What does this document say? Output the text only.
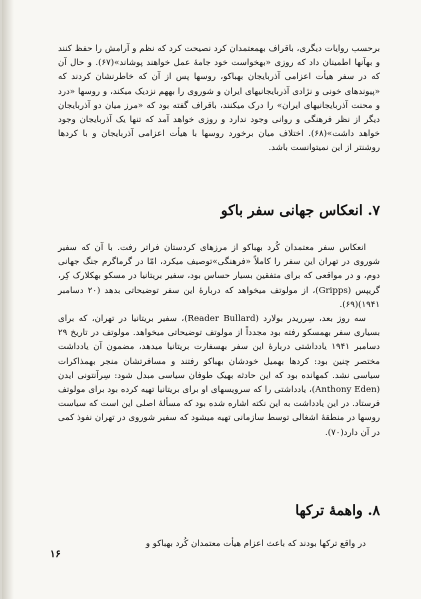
برحسب روایات دیگری، باقراف بهمعتمدان کرد نصیحت کرد که نظم و آرامش را حفظ کنند و بهآنها اطمینان داد که روزی «بهخواست خود جامهٔ عمل خواهند پوشاند»(۶۷). و حال آن که در سفر هیأت اعزامی آذربایجان بهباکو، روسها پس از آن که خاطرنشان کردند که «پیوندهای خونی و نژادی آذربایجانیهای ایران و شوروی را بههم نزدیک میکند، و روسها «درد و محنت آذربایجانیهای ایران» را درک میکنند، باقراف گفته بود که «مرز میان دو آذربایجان دیگر از نظر فرهنگی و روانی وجود ندارد و روزی خواهد آمد که تنها یک آذربایجان وجود خواهد داشت»(۶۸). اختلاف میان برخورد روسها با هیأت اعزامی آذربایجان و با کردها روشنتر از این نمیتوانست باشد.

۷. انعکاس جهانی سفر باکو

انعکاس سفر معتمدان کُرد بهباکو از مرزهای کردستان فراتر رفت. با آن که سفیر شوروی در تهران این سفر را کاملاً «فرهنگی»توصیف میکرد، امّا در گرماگرم جنگ جهانی دوم، و در مواقعی که برای متفقین بسیار حساس بود، سفیر بریتانیا در مسکو بهکلارک کِر، گریپس (Gripps)، از مولوتف میخواهد که دربارهٔ این سفر توضیحاتی بدهد (۲۰ دسامبر ۱۹۴۱)(۶۹).

سه روز بعد، سِرریدر بولارد (Reader Bullard)، سفیر بریتانیا در تهران، که برای بسیاری سفر بهمسکو رفته بود مجدداً از مولوتف توضیحاتی میخواهد. مولوتف در تاریخ ۲۹ دسامبر ۱۹۴۱ یادداشتی دربارهٔ این سفر بهسفارت بریتانیا میدهد، مضمون آن یادداشت مختصر چنین بود: کردها بهمیل خودشان بهباکو رفتند و مسافرتشان منجر بهمذاکرات سیاسی نشد. کمهانده بود که این حادثه بهیک طوفان سیاسی مبدل شود: سِرآنتونی ایدن (Anthony Eden)، یادداشتی را که سرویسهای او برای بریتانیا تهیه کرده بود برای مولوتف فرستاد. در این یادداشت به این نکته اشاره شده بود که مسألهٔ اصلی این است که سیاست روسها در منطقهٔ اشغالی توسط سازمانی تهیه میشود که سفیر شوروی در تهران نفوذ کمی در آن دارد(۷۰).

۸. واهمهٔ ترکها

در واقع ترکها بودند که باعث اعزام هیأت معتمدان کُرد بهباکو و

۱۶
